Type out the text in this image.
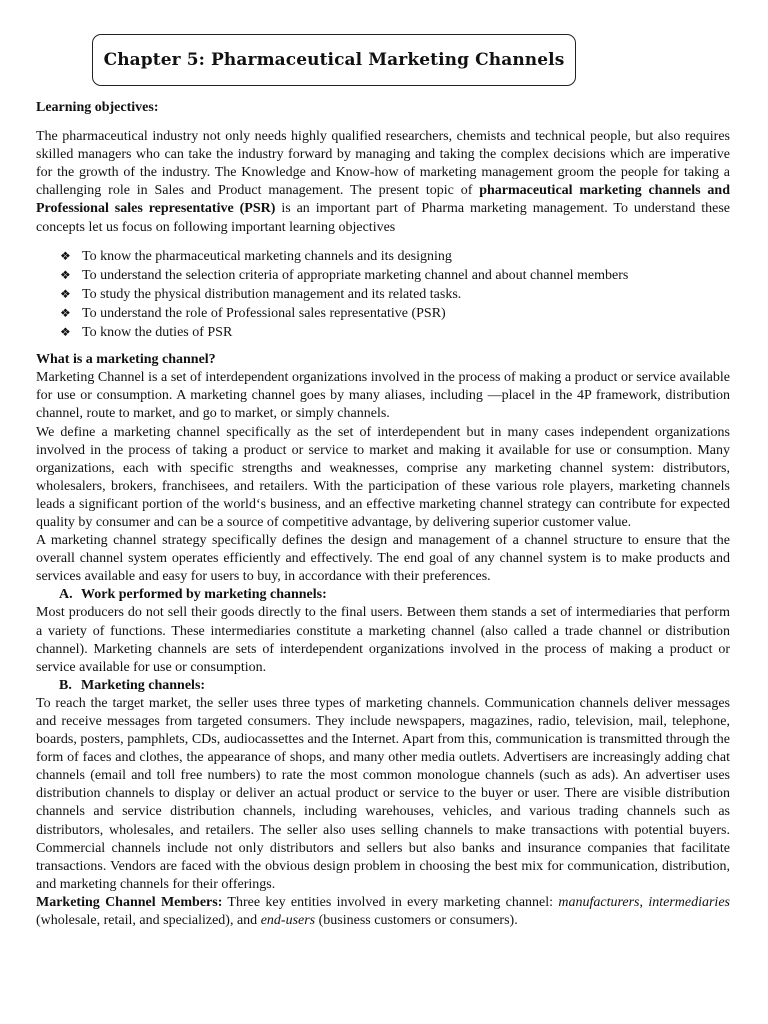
Chapter 5: Pharmaceutical Marketing Channels

Learning objectives:

The pharmaceutical industry not only needs highly qualified researchers, chemists and technical people, but also requires skilled managers who can take the industry forward by managing and taking the complex decisions which are imperative for the growth of the industry. The Knowledge and Know-how of marketing management groom the people for taking a challenging role in Sales and Product management. The present topic of pharmaceutical marketing channels and Professional sales representative (PSR) is an important part of Pharma marketing management. To understand these concepts let us focus on following important learning objectives

❖ To know the pharmaceutical marketing channels and its designing
❖ To understand the selection criteria of appropriate marketing channel and about channel members
❖ To study the physical distribution management and its related tasks.
❖ To understand the role of Professional sales representative (PSR)
❖ To know the duties of PSR

What is a marketing channel?

Marketing Channel is a set of interdependent organizations involved in the process of making a product or service available for use or consumption. A marketing channel goes by many aliases, including ―placeǁ in the 4P framework, distribution channel, route to market, and go to market, or simply channels.

We define a marketing channel specifically as the set of interdependent but in many cases independent organizations involved in the process of taking a product or service to market and making it available for use or consumption. Many organizations, each with specific strengths and weaknesses, comprise any marketing channel system: distributors, wholesalers, brokers, franchisees, and retailers. With the participation of these various role players, marketing channels leads a significant portion of the world‘s business, and an effective marketing channel strategy can contribute for expected quality by consumer and can be a source of competitive advantage, by delivering superior customer value.

A marketing channel strategy specifically defines the design and management of a channel structure to ensure that the overall channel system operates efficiently and effectively. The end goal of any channel system is to make products and services available and easy for users to buy, in accordance with their preferences.

A. Work performed by marketing channels:

Most producers do not sell their goods directly to the final users. Between them stands a set of intermediaries that perform a variety of functions. These intermediaries constitute a marketing channel (also called a trade channel or distribution channel). Marketing channels are sets of interdependent organizations involved in the process of making a product or service available for use or consumption.

B. Marketing channels:

To reach the target market, the seller uses three types of marketing channels. Communication channels deliver messages and receive messages from targeted consumers. They include newspapers, magazines, radio, television, mail, telephone, boards, posters, pamphlets, CDs, audiocassettes and the Internet. Apart from this, communication is transmitted through the form of faces and clothes, the appearance of shops, and many other media outlets. Advertisers are increasingly adding chat channels (email and toll free numbers) to rate the most common monologue channels (such as ads). An advertiser uses distribution channels to display or deliver an actual product or service to the buyer or user. There are visible distribution channels and service distribution channels, including warehouses, vehicles, and various trading channels such as distributors, wholesales, and retailers. The seller also uses selling channels to make transactions with potential buyers. Commercial channels include not only distributors and sellers but also banks and insurance companies that facilitate transactions. Vendors are faced with the obvious design problem in choosing the best mix for communication, distribution, and marketing channels for their offerings.

Marketing Channel Members: Three key entities involved in every marketing channel: manufacturers, intermediaries (wholesale, retail, and specialized), and end-users (business customers or consumers).
